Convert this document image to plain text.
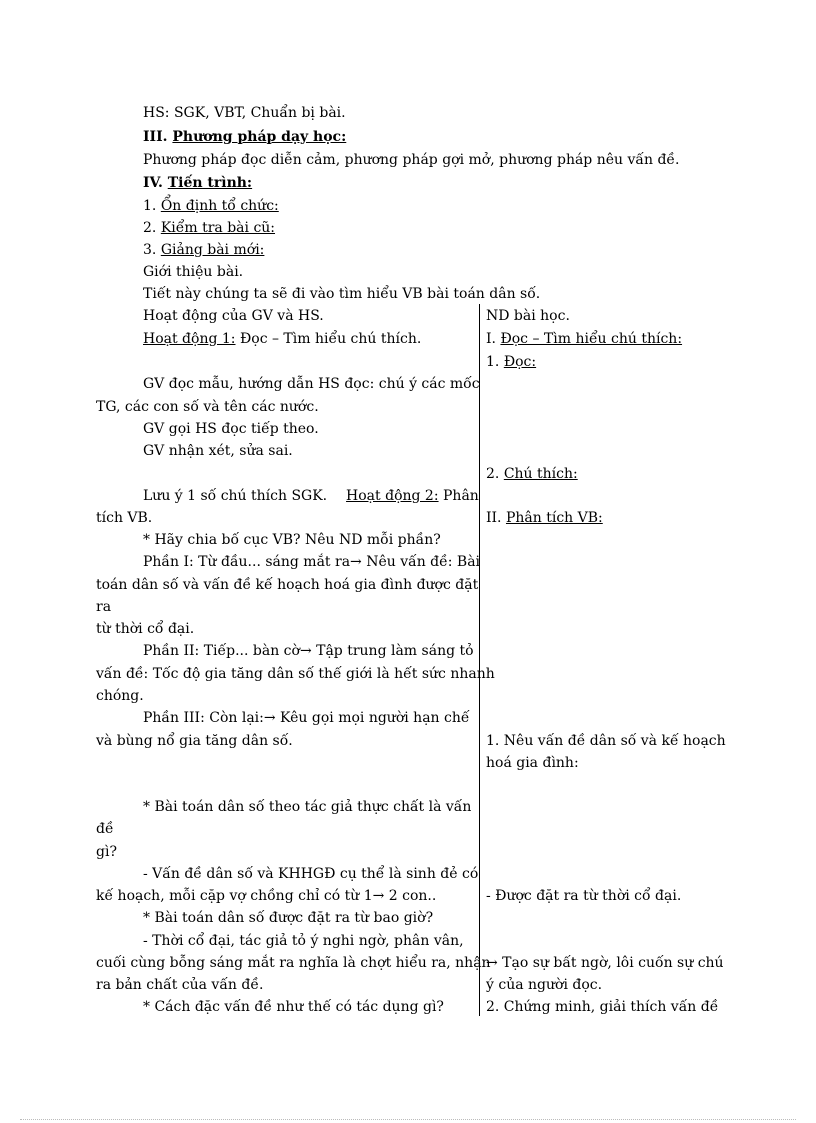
HS: SGK, VBT, Chuẩn bị bài.
III. Phương pháp dạy học:
Phương pháp đọc diễn cảm, phương pháp gợi mở, phương pháp nêu vấn đề.
IV. Tiến trình:
1. Ổn định tổ chức:
2. Kiểm tra bài cũ:
3. Giảng bài mới:
Giới thiệu bài.
Tiết này chúng ta sẽ đi vào tìm hiểu VB bài toán dân số.
Hoạt động của GV và HS.
Hoạt động 1: Đọc – Tìm hiểu chú thích.
GV đọc mẫu, hướng dẫn HS đọc: chú ý các mốc
TG, các con số và tên các nước.
GV gọi HS đọc tiếp theo.
GV nhận xét, sửa sai.
Lưu ý 1 số chú thích SGK. Hoạt động 2: Phân
tích VB.
* Hãy chia bố cục VB? Nêu ND mỗi phần?
Phần I: Từ đầu... sáng mắt ra→ Nêu vấn đề: Bài
toán dân số và vấn đề kế hoạch hoá gia đình được đặt
ra
từ thời cổ đại.
Phần II: Tiếp... bàn cờ→ Tập trung làm sáng tỏ
vấn đề: Tốc độ gia tăng dân số thế giới là hết sức nhanh
chóng.
Phần III: Còn lại:→ Kêu gọi mọi người hạn chế
và bùng nổ gia tăng dân số.
* Bài toán dân số theo tác giả thực chất là vấn
đề
gì?
- Vấn đề dân số và KHHGĐ cụ thể là sinh đẻ có
kế hoạch, mỗi cặp vợ chồng chỉ có từ 1→ 2 con..
* Bài toán dân số được đặt ra từ bao giờ?
- Thời cổ đại, tác giả tỏ ý nghi ngờ, phân vân,
cuối cùng bỗng sáng mắt ra nghĩa là chợt hiểu ra, nhận
ra bản chất của vấn đề.
* Cách đặc vấn đề như thế có tác dụng gì?
ND bài học.
I. Đọc – Tìm hiểu chú thích:
1. Đọc:
2. Chú thích:
II. Phân tích VB:
1. Nêu vấn đề dân số và kế hoạch
hoá gia đình:
- Được đặt ra từ thời cổ đại.
→ Tạo sự bất ngờ, lôi cuốn sự chú
ý của người đọc.
2. Chứng minh, giải thích vấn đề
